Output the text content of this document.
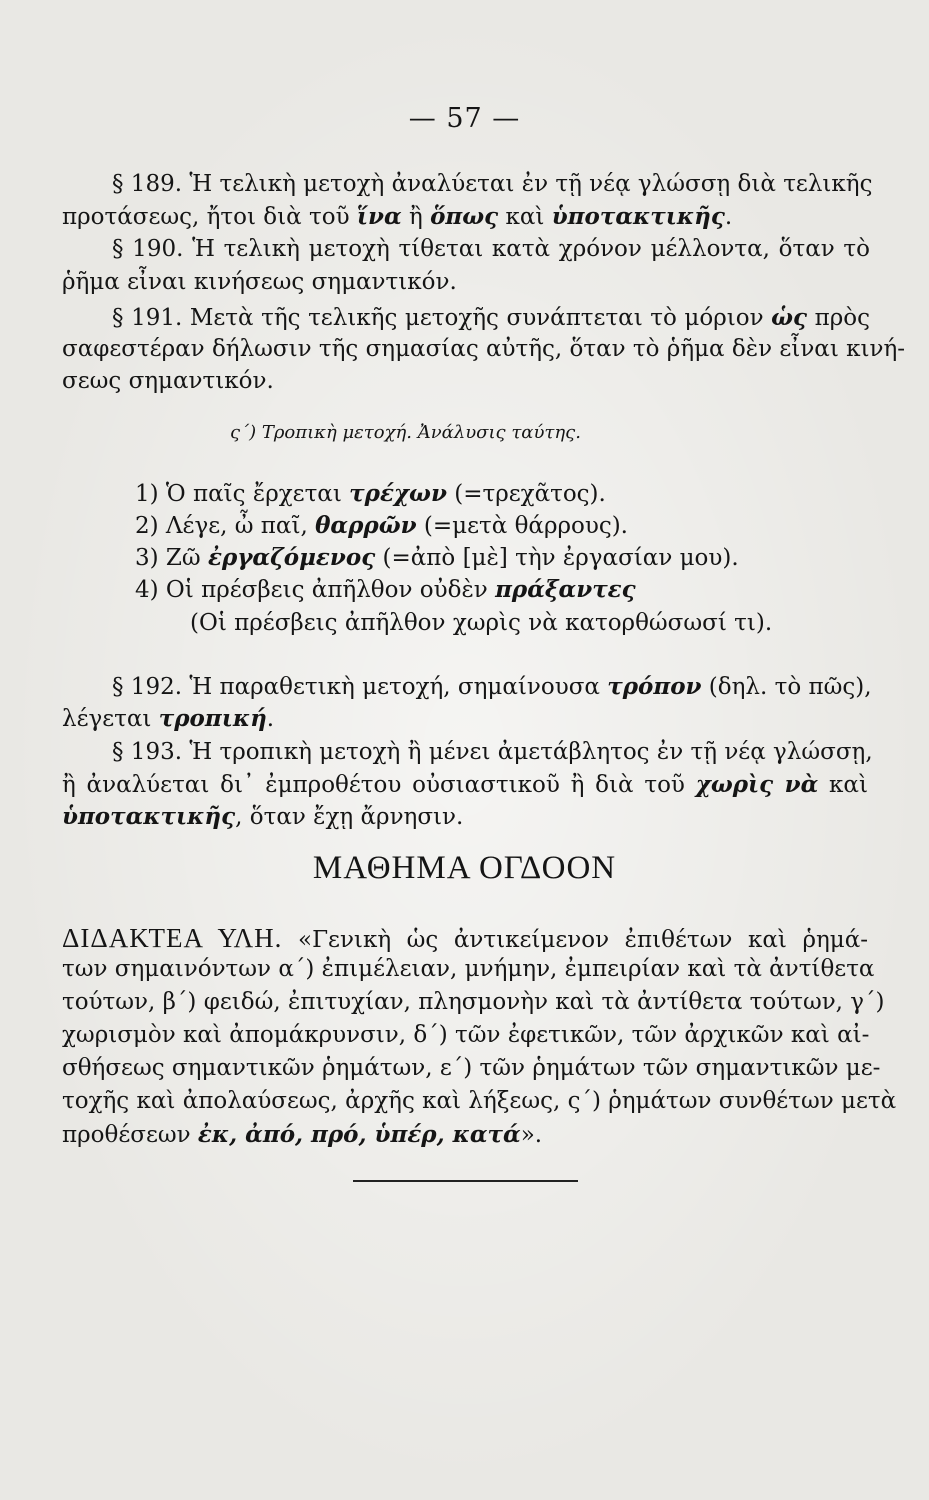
— 57 —
§ 189. Ἡ τελικὴ μετοχὴ ἀναλύεται ἐν τῇ νέᾳ γλώσσῃ διὰ τελικῆς
προτάσεως, ἤτοι διὰ τοῦ ἵνα ἢ ὅπως καὶ ὑποτακτικῆς.
§ 190. Ἡ τελικὴ μετοχὴ τίθεται κατὰ χρόνον μέλλοντα, ὅταν τὸ
ῥῆμα εἶναι κινήσεως σημαντικόν.
§ 191. Μετὰ τῆς τελικῆς μετοχῆς συνάπτεται τὸ μόριον ὡς πρὸς
σαφεστέραν δήλωσιν τῆς σημασίας αὐτῆς, ὅταν τὸ ῥῆμα δὲν εἶναι κινή-
σεως σημαντικόν.
ς΄) Τροπικὴ μετοχή. Ἀνάλυσις ταύτης.
1) Ὁ παῖς ἔρχεται τρέχων (=τρεχᾶτος).
2) Λέγε, ὦ παῖ, θαρρῶν (=μετὰ θάρρους).
3) Ζῶ ἐργαζόμενος (=ἀπὸ [μὲ] τὴν ἐργασίαν μου).
4) Οἱ πρέσβεις ἀπῆλθον οὐδὲν πράξαντες
(Οἱ πρέσβεις ἀπῆλθον χωρὶς νὰ κατορθώσωσί τι).
§ 192. Ἡ παραθετικὴ μετοχή, σημαίνουσα τρόπον (δηλ. τὸ πῶς),
λέγεται τροπική.
§ 193. Ἡ τροπικὴ μετοχὴ ἢ μένει ἀμετάβλητος ἐν τῇ νέᾳ γλώσσῃ,
ἢ ἀναλύεται δι᾽ ἐμπροθέτου οὐσιαστικοῦ ἢ διὰ τοῦ χωρὶς νὰ καὶ
ὑποτακτικῆς, ὅταν ἔχῃ ἄρνησιν.
ΜΑΘΗΜΑ ΟΓΔΟΟΝ
ΔΙΔΑΚΤΕΑ ΥΛΗ. «Γενικὴ ὡς ἀντικείμενον ἐπιθέτων καὶ ῥημά-
των σημαινόντων α΄) ἐπιμέλειαν, μνήμην, ἐμπειρίαν καὶ τὰ ἀντίθετα
τούτων, β΄) φειδώ, ἐπιτυχίαν, πλησμονὴν καὶ τὰ ἀντίθετα τούτων, γ΄)
χωρισμὸν καὶ ἀπομάκρυνσιν, δ΄) τῶν ἐφετικῶν, τῶν ἀρχικῶν καὶ αἰ-
σθήσεως σημαντικῶν ῥημάτων, ε΄) τῶν ῥημάτων τῶν σημαντικῶν με-
τοχῆς καὶ ἀπολαύσεως, ἀρχῆς καὶ λήξεως, ς΄) ῥημάτων συνθέτων μετὰ
προθέσεων ἐκ, ἀπό, πρό, ὑπέρ, κατά».
